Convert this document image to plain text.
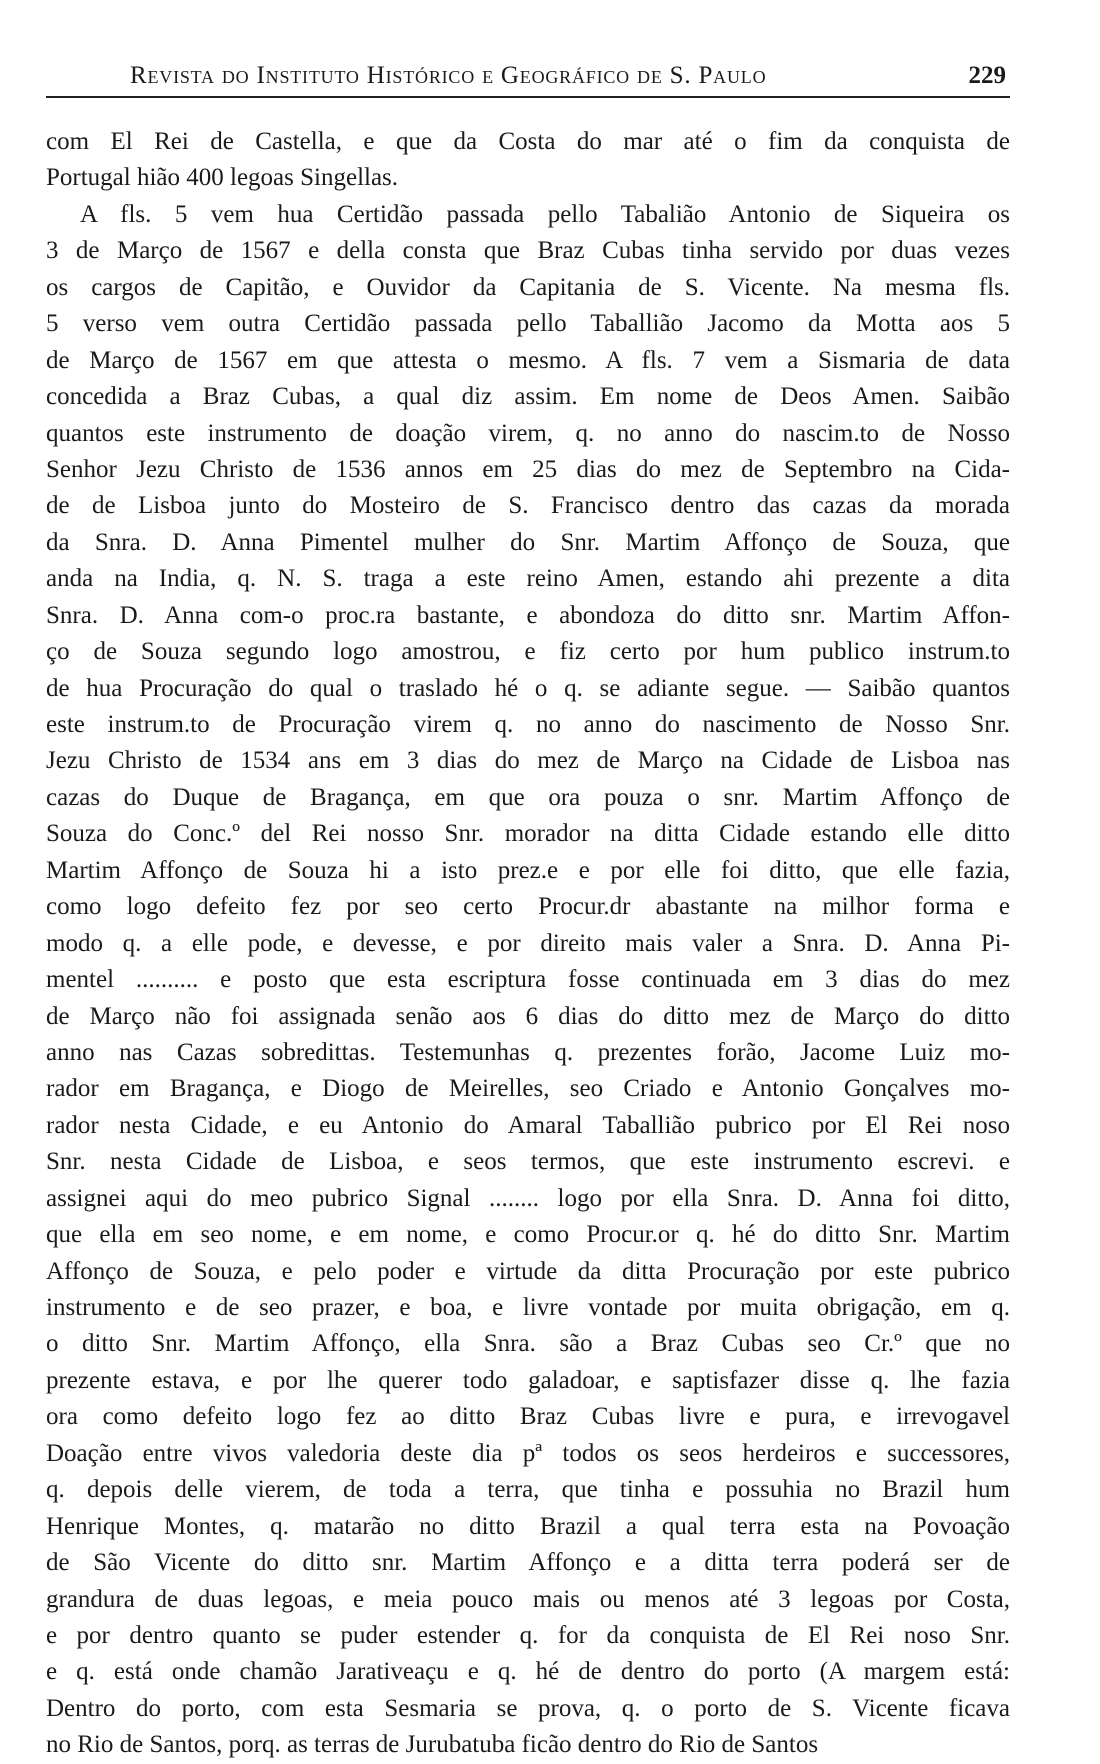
Revista do Instituto Histórico e Geográfico de S. Paulo	229
com El Rei de Castella, e que da Costa do mar até o fim da conquista de
Portugal hião 400 legoas Singellas.
A fls. 5 vem hua Certidão passada pello Tabalião Antonio de Siqueira os
3 de Março de 1567 e della consta que Braz Cubas tinha servido por duas vezes
os cargos de Capitão, e Ouvidor da Capitania de S. Vicente. Na mesma fls.
5 verso vem outra Certidão passada pello Taballião Jacomo da Motta aos 5
de Março de 1567 em que attesta o mesmo. A fls. 7 vem a Sismaria de data
concedida a Braz Cubas, a qual diz assim. Em nome de Deos Amen. Saibão
quantos este instrumento de doação virem, q. no anno do nascim.to de Nosso
Senhor Jezu Christo de 1536 annos em 25 dias do mez de Septembro na Cida-
de de Lisboa junto do Mosteiro de S. Francisco dentro das cazas da morada
da Snra. D. Anna Pimentel mulher do Snr. Martim Affonço de Souza, que
anda na India, q. N. S. traga a este reino Amen, estando ahi prezente a dita
Snra. D. Anna com-o proc.ra bastante, e abondoza do ditto snr. Martim Affon-
ço de Souza segundo logo amostrou, e fiz certo por hum publico instrum.to
de hua Procuração do qual o traslado hé o q. se adiante segue. — Saibão quantos
este instrum.to de Procuração virem q. no anno do nascimento de Nosso Snr.
Jezu Christo de 1534 ans em 3 dias do mez de Março na Cidade de Lisboa nas
cazas do Duque de Bragança, em que ora pouza o snr. Martim Affonço de
Souza do Conc.º del Rei nosso Snr. morador na ditta Cidade estando elle ditto
Martim Affonço de Souza hi a isto prez.e e por elle foi ditto, que elle fazia,
como logo defeito fez por seo certo Procur.dr abastante na milhor forma e
modo q. a elle pode, e devesse, e por direito mais valer a Snra. D. Anna Pi-
mentel .......... e posto que esta escriptura fosse continuada em 3 dias do mez
de Março não foi assignada senão aos 6 dias do ditto mez de Março do ditto
anno nas Cazas sobredittas. Testemunhas q. prezentes forão, Jacome Luiz mo-
rador em Bragança, e Diogo de Meirelles, seo Criado e Antonio Gonçalves mo-
rador nesta Cidade, e eu Antonio do Amaral Taballião pubrico por El Rei noso
Snr. nesta Cidade de Lisboa, e seos termos, que este instrumento escrevi. e
assignei aqui do meo pubrico Signal ........ logo por ella Snra. D. Anna foi ditto,
que ella em seo nome, e em nome, e como Procur.or q. hé do ditto Snr. Martim
Affonço de Souza, e pelo poder e virtude da ditta Procuração por este pubrico
instrumento e de seo prazer, e boa, e livre vontade por muita obrigação, em q.
o ditto Snr. Martim Affonço, ella Snra. são a Braz Cubas seo Cr.º que no
prezente estava, e por lhe querer todo galadoar, e saptisfazer disse q. lhe fazia
ora como defeito logo fez ao ditto Braz Cubas livre e pura, e irrevogavel
Doação entre vivos valedoria deste dia pª todos os seos herdeiros e successores,
q. depois delle vierem, de toda a terra, que tinha e possuhia no Brazil hum
Henrique Montes, q. matarão no ditto Brazil a qual terra esta na Povoação
de São Vicente do ditto snr. Martim Affonço e a ditta terra poderá ser de
grandura de duas legoas, e meia pouco mais ou menos até 3 legoas por Costa,
e por dentro quanto se puder estender q. for da conquista de El Rei noso Snr.
e q. está onde chamão Jarativeaçu e q. hé de dentro do porto (A margem está:
Dentro do porto, com esta Sesmaria se prova, q. o porto de S. Vicente ficava
no Rio de Santos, porq. as terras de Jurubatuba ficão dentro do Rio de Santos
